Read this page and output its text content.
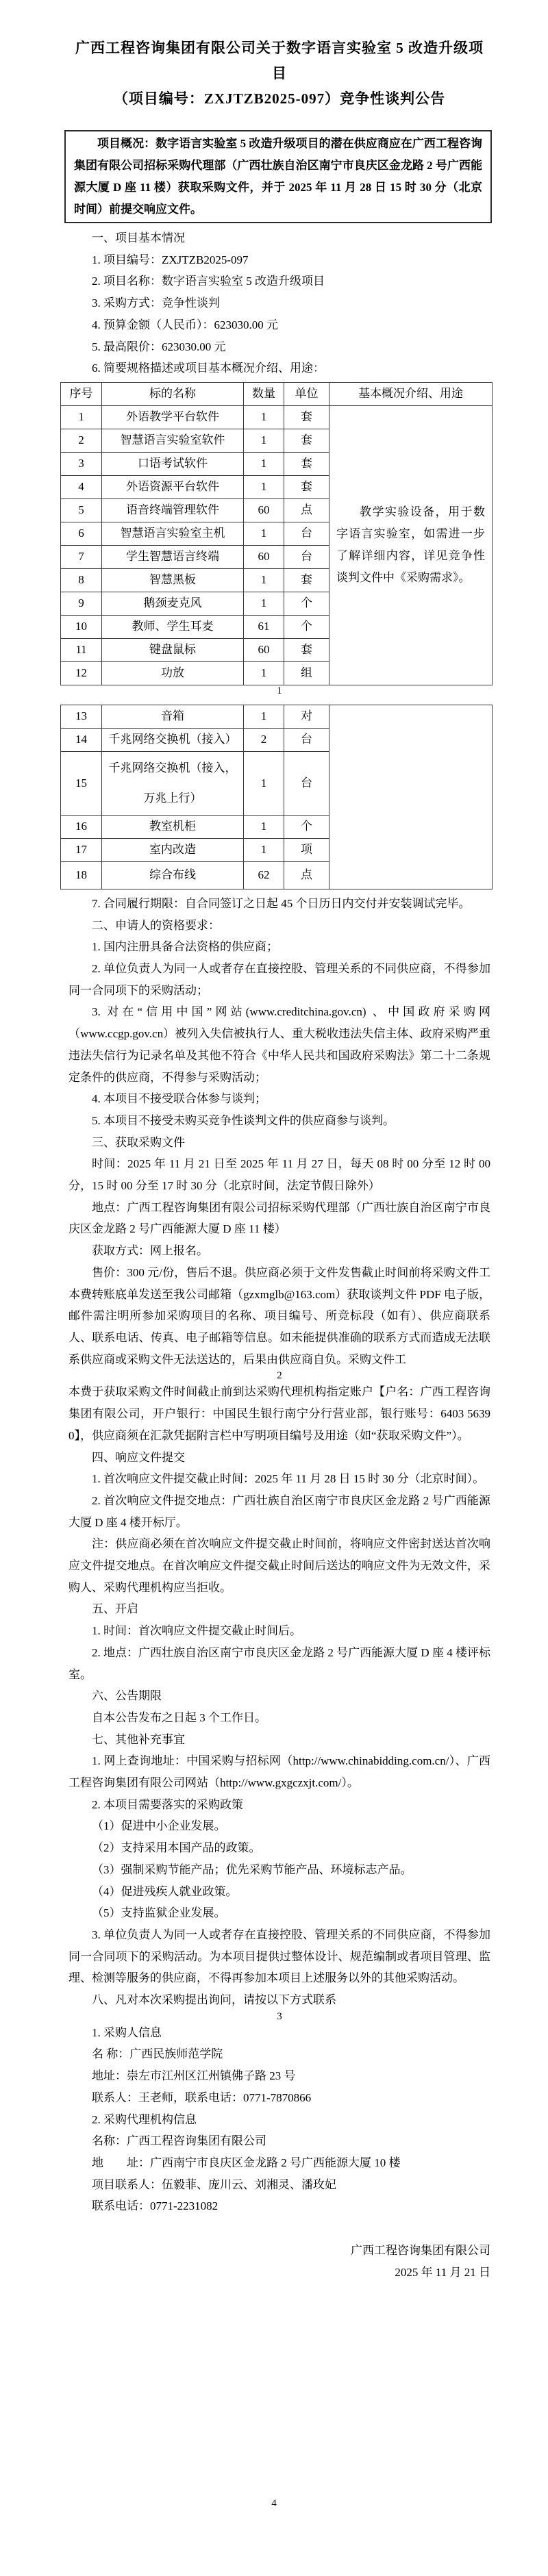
广西工程咨询集团有限公司关于数字语言实验室 5 改造升级项目
（项目编号：ZXJTZB2025-097）竞争性谈判公告
项目概况：数字语言实验室 5 改造升级项目的潜在供应商应在广西工程咨询集团有限公司招标采购代理部（广西壮族自治区南宁市良庆区金龙路 2 号广西能源大厦 D 座 11 楼）获取采购文件，并于 2025 年 11 月 28 日 15 时 30 分（北京时间）前提交响应文件。

一、项目基本情况

1. 项目编号：ZXJTZB2025-097

2. 项目名称：数字语言实验室 5 改造升级项目

3. 采购方式：竞争性谈判

4. 预算金额（人民币）：623030.00 元

5. 最高限价：623030.00 元

6. 简要规格描述或项目基本概况介绍、用途：

序号	标的名称	数量	单位	基本概况介绍、用途
1	外语教学平台软件	1	套	教学实验设备，用于数字语言实验室，如需进一步了解详细内容，详见竞争性谈判文件中《采购需求》。
2	智慧语言实验室软件	1	套	
3	口语考试软件	1	套	
4	外语资源平台软件	1	套	
5	语音终端管理软件	60	点	
6	智慧语言实验室主机	1	台	
7	学生智慧语言终端	60	台	
8	智慧黑板	1	套	
9	鹅颈麦克风	1	个	
10	教师、学生耳麦	61	个	
11	键盘鼠标	60	套	
12	功放	1	组	

1

13	音箱	1	对	
14	千兆网络交换机（接入）	2	台	
15	千兆网络交换机（接入，万兆上行）	1	台	
16	教室机柜	1	个	
17	室内改造	1	项	
18	综合布线	62	点	

7. 合同履行期限：自合同签订之日起 45 个日历日内交付并安装调试完毕。

二、申请人的资格要求：

1. 国内注册具备合法资格的供应商；

2. 单位负责人为同一人或者存在直接控股、管理关系的不同供应商，不得参加同一合同项下的采购活动；

3. 对在“信用中国”网站(www.creditchina.gov.cn) 、中国政府采购网（www.ccgp.gov.cn）被列入失信被执行人、重大税收违法失信主体、政府采购严重违法失信行为记录名单及其他不符合《中华人民共和国政府采购法》第二十二条规定条件的供应商，不得参与采购活动；

4. 本项目不接受联合体参与谈判；

5. 本项目不接受未购买竞争性谈判文件的供应商参与谈判。

三、获取采购文件

时间：2025 年 11 月 21 日至 2025 年 11 月 27 日，每天 08 时 00 分至 12 时 00 分，15 时 00 分至 17 时 30 分（北京时间，法定节假日除外）

地点：广西工程咨询集团有限公司招标采购代理部（广西壮族自治区南宁市良庆区金龙路 2 号广西能源大厦 D 座 11 楼）

获取方式：网上报名。

售价：300 元/份，售后不退。供应商必须于文件发售截止时间前将采购文件工本费转账底单发送至我公司邮箱（gzxmglb@163.com）获取谈判文件 PDF 电子版，邮件需注明所参加采购项目的名称、项目编号、所竞标段（如有）、供应商联系人、联系电话、传真、电子邮箱等信息。如未能提供准确的联系方式而造成无法联系供应商或采购文件无法送达的，后果由供应商自负。采购文件工

2

本费于获取采购文件时间截止前到达采购代理机构指定账户【户名：广西工程咨询集团有限公司，开户银行：中国民生银行南宁分行营业部，银行账号：6403 5639 0】，供应商须在汇款凭据附言栏中写明项目编号及用途（如“获取采购文件”）。

四、响应文件提交

1. 首次响应文件提交截止时间：2025 年 11 月 28 日 15 时 30 分（北京时间）。

2. 首次响应文件提交地点：广西壮族自治区南宁市良庆区金龙路 2 号广西能源大厦 D 座 4 楼开标厅。

注：供应商必须在首次响应文件提交截止时间前，将响应文件密封送达首次响应文件提交地点。在首次响应文件提交截止时间后送达的响应文件为无效文件，采购人、采购代理机构应当拒收。

五、开启

1. 时间：首次响应文件提交截止时间后。

2. 地点：广西壮族自治区南宁市良庆区金龙路 2 号广西能源大厦 D 座 4 楼评标室。

六、公告期限

自本公告发布之日起 3 个工作日。

七、其他补充事宜

1. 网上查询地址：中国采购与招标网（http://www.chinabidding.com.cn/）、广西工程咨询集团有限公司网站（http://www.gxgczxjt.com/）。

2. 本项目需要落实的采购政策

（1）促进中小企业发展。

（2）支持采用本国产品的政策。

（3）强制采购节能产品；优先采购节能产品、环境标志产品。

（4）促进残疾人就业政策。

（5）支持监狱企业发展。

3. 单位负责人为同一人或者存在直接控股、管理关系的不同供应商，不得参加同一合同项下的采购活动。为本项目提供过整体设计、规范编制或者项目管理、监理、检测等服务的供应商，不得再参加本项目上述服务以外的其他采购活动。

八、凡对本次采购提出询问，请按以下方式联系

3

1. 采购人信息

名 称：广西民族师范学院

地址：崇左市江州区江州镇佛子路 23 号

联系人：王老师，联系电话：0771-7870866

2. 采购代理机构信息

名称：广西工程咨询集团有限公司

地　　址：广西南宁市良庆区金龙路 2 号广西能源大厦 10 楼

项目联系人：伍毅菲、庞川云、刘湘灵、潘玫妃

联系电话：0771-2231082

广西工程咨询集团有限公司

2025 年 11 月 21 日

4
